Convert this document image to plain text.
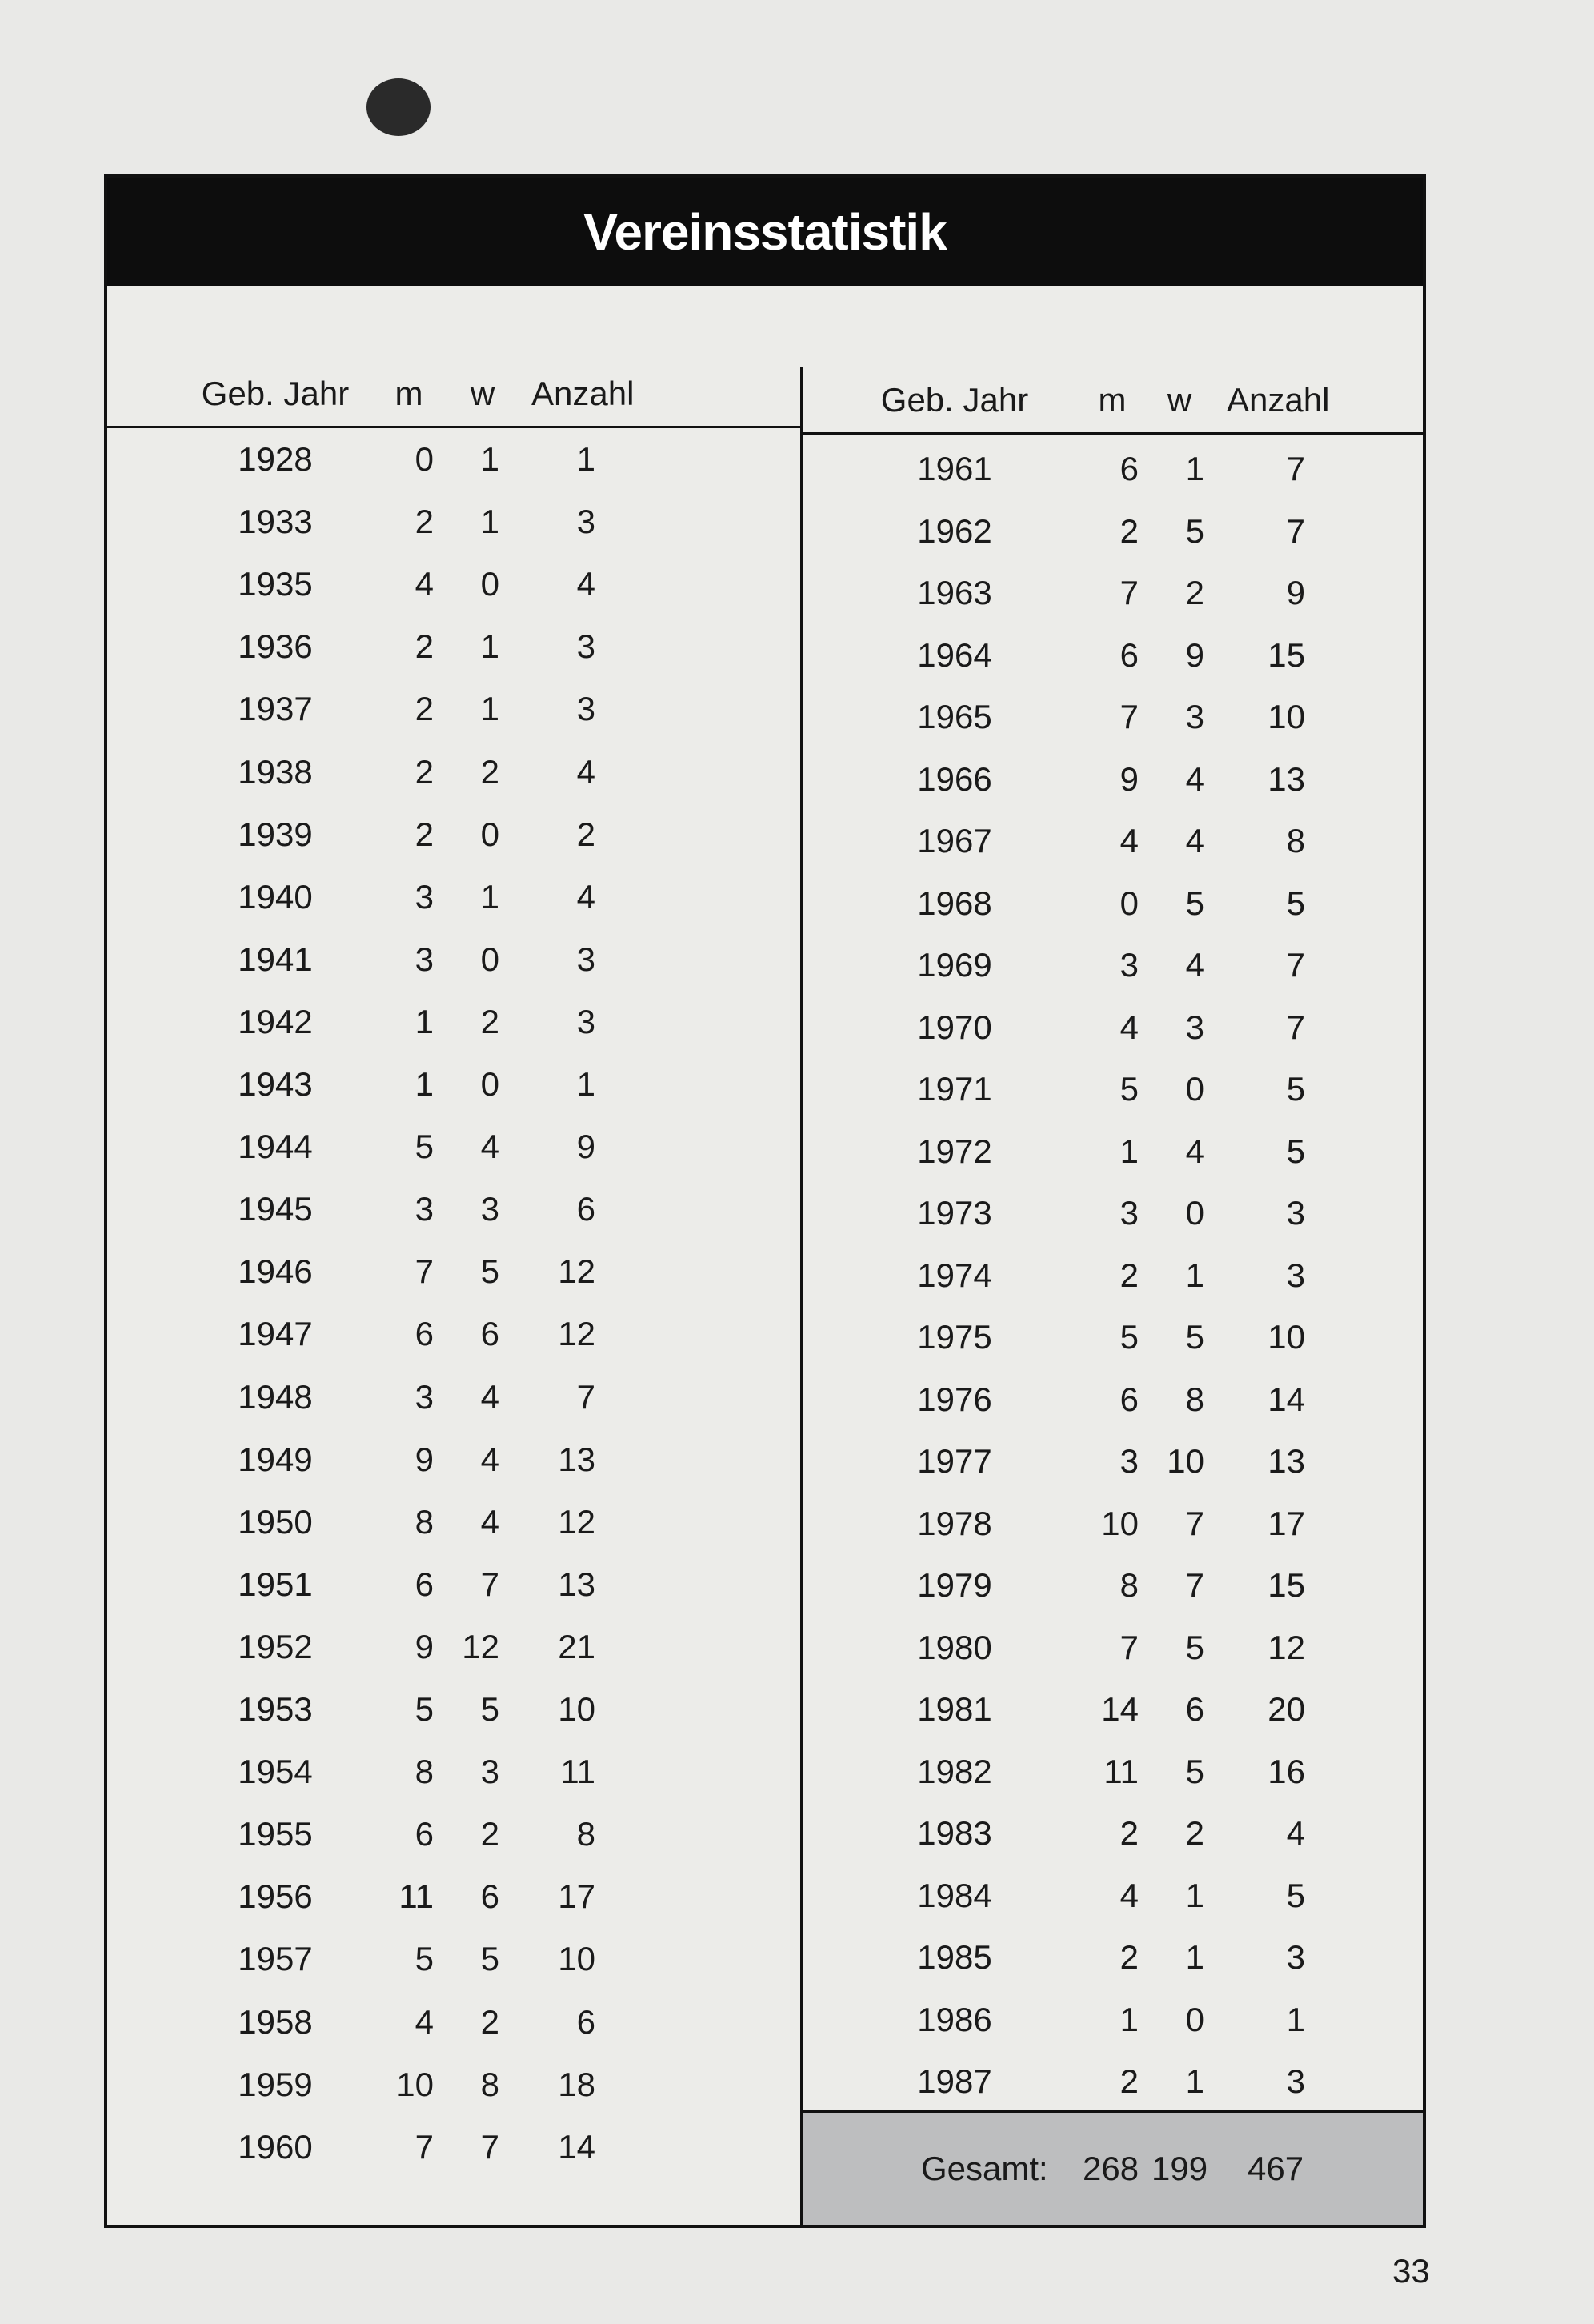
Vereinsstatistik
Geb. Jahr	m w Anzahl
1928	0	1	1
1933	2	1	3
1935	4	0	4
1936	2	1	3
1937	2	1	3
1938	2	2	4
1939	2	0	2
1940	3	1	4
1941	3	0	3
1942	1	2	3
1943	1	0	1
1944	5	4	9
1945	3	3	6
1946	7	5	12
1947	6	6	12
1948	3	4	7
1949	9	4	13
1950	8	4	12
1951	6	7	13
1952	9 12	21
1953	5	5	10
1954	8	3	11
1955	6	2	8
1956	11	6	17
1957	5	5	10
1958	4	2	6
1959	10	8	18
1960	7	7	14
Geb. Jahr	m w Anzahl
1961	6	1	7
1962	2	5	7
1963	7	2	9
1964	6	9	15
1965	7	3	10
1966	9	4	13
1967	4	4	8
1968	0	5	5
1969	3	4	7
1970	4	3	7
1971	5	0	5
1972	1	4	5
1973	3	0	3
1974	2	1	3
1975	5	5	10
1976	6	8	14
1977	3 10	13
1978	10	7	17
1979	8	7	15
1980	7	5	12
1981	14	6	20
1982	11	5	16
1983	2	2	4
1984	4	1	5
1985	2	1	3
1986	1	0	1
1987	2	1	3
Gesamt: 268 199 467
33
